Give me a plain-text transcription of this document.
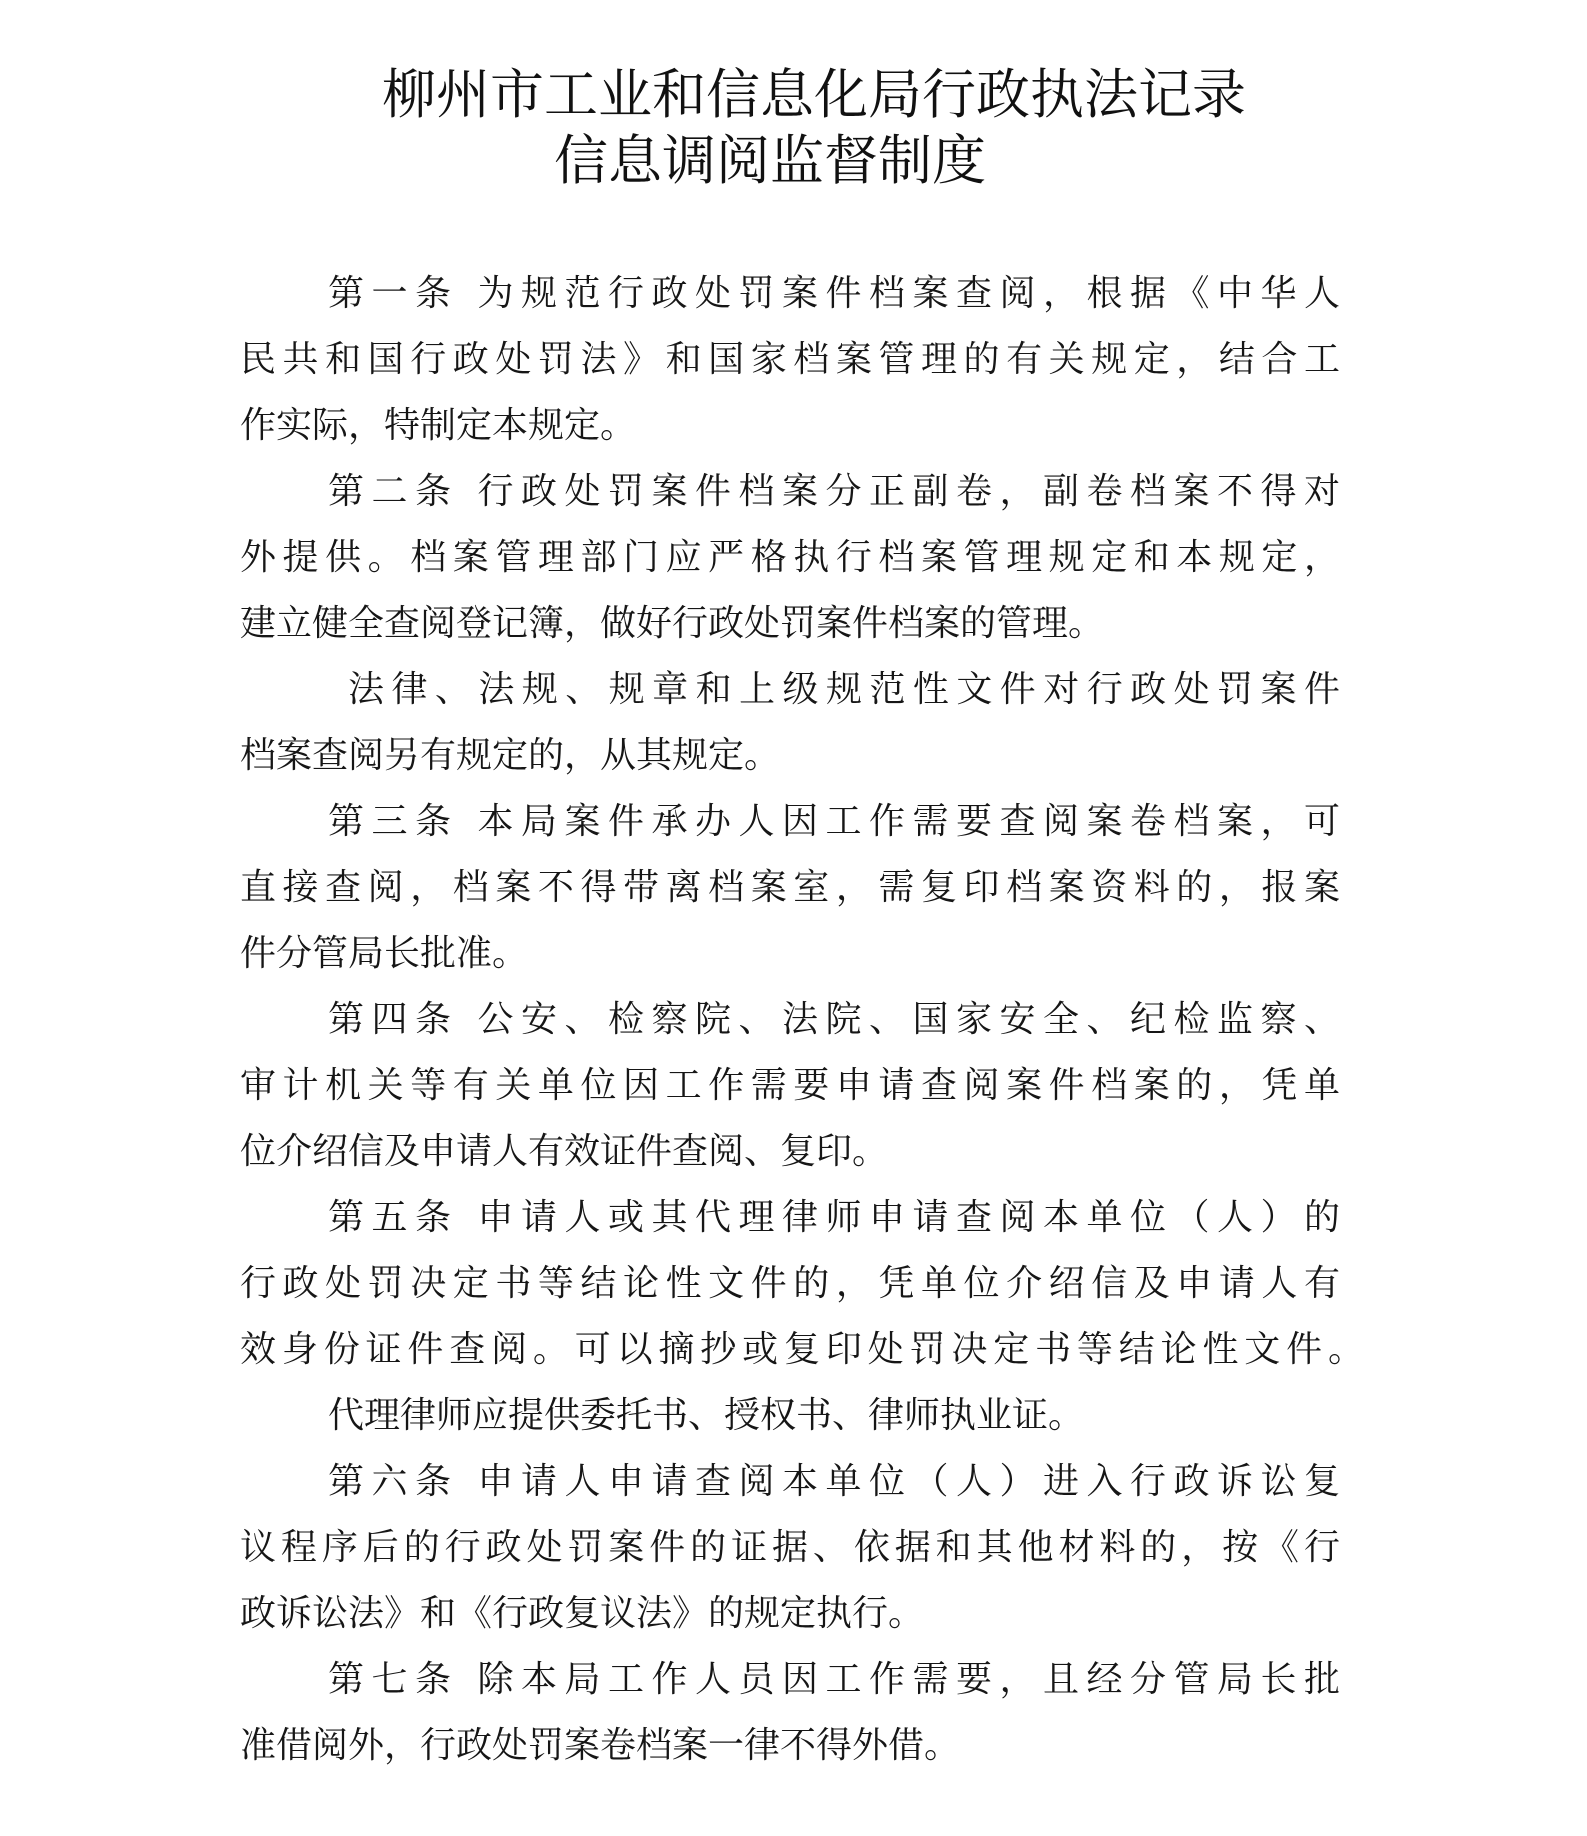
柳州市工业和信息化局行政执法记录
信息调阅监督制度
第一条 为规范行政处罚案件档案查阅，根据《中华人
民共和国行政处罚法》和国家档案管理的有关规定，结合工
作实际，特制定本规定。
第二条 行政处罚案件档案分正副卷，副卷档案不得对
外提供。档案管理部门应严格执行档案管理规定和本规定，
建立健全查阅登记簿，做好行政处罚案件档案的管理。
法律、法规、规章和上级规范性文件对行政处罚案件
档案查阅另有规定的，从其规定。
第三条 本局案件承办人因工作需要查阅案卷档案，可
直接查阅，档案不得带离档案室，需复印档案资料的，报案
件分管局长批准。
第四条 公安、检察院、法院、国家安全、纪检监察、
审计机关等有关单位因工作需要申请查阅案件档案的，凭单
位介绍信及申请人有效证件查阅、复印。
第五条 申请人或其代理律师申请查阅本单位（人）的
行政处罚决定书等结论性文件的，凭单位介绍信及申请人有
效身份证件查阅。可以摘抄或复印处罚决定书等结论性文件。
代理律师应提供委托书、授权书、律师执业证。
第六条 申请人申请查阅本单位（人）进入行政诉讼复
议程序后的行政处罚案件的证据、依据和其他材料的，按《行
政诉讼法》和《行政复议法》的规定执行。
第七条 除本局工作人员因工作需要，且经分管局长批
准借阅外，行政处罚案卷档案一律不得外借。
